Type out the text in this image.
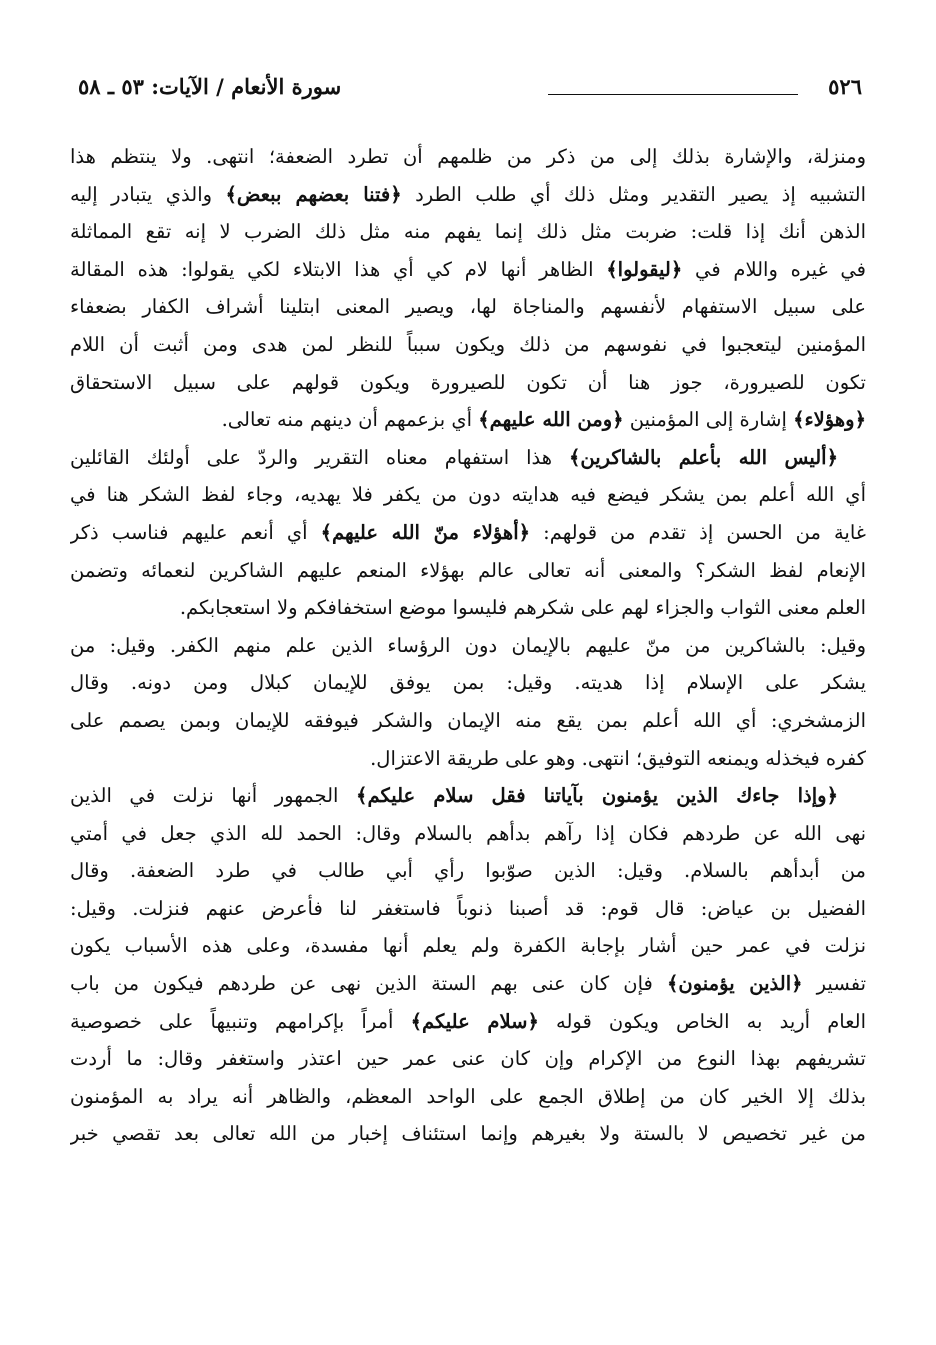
٥٢٦
سورة الأنعام / الآيات: ٥٣ ـ ٥٨
ومنزلة، والإشارة بذلك إلى من ذكر من ظلمهم أن تطرد الضعفة؛ انتهى. ولا ينتظم هذا
التشبيه إذ يصير التقدير ومثل ذلك أي طلب الطرد ﴿فتنا بعضهم ببعض﴾ والذي يتبادر إليه
الذهن أنك إذا قلت: ضربت مثل ذلك إنما يفهم منه مثل ذلك الضرب لا إنه تقع المماثلة
في غيره واللام في ﴿ليقولوا﴾ الظاهر أنها لام كي أي هذا الابتلاء لكي يقولوا: هذه المقالة
على سبيل الاستفهام لأنفسهم والمناجاة لها، ويصير المعنى ابتلينا أشراف الكفار بضعفاء
المؤمنين ليتعجبوا في نفوسهم من ذلك ويكون سبباً للنظر لمن هدى ومن أثبت أن اللام
تكون للصيرورة، جوز هنا أن تكون للصيرورة ويكون قولهم على سبيل الاستحقاق
﴿وهؤلاء﴾ إشارة إلى المؤمنين ﴿ومن الله عليهم﴾ أي بزعمهم أن دينهم منه تعالى.
﴿أليس الله بأعلم بالشاكرين﴾ هذا استفهام معناه التقرير والردّ على أولئك القائلين
أي الله أعلم بمن يشكر فيضع فيه هدايته دون من يكفر فلا يهديه، وجاء لفظ الشكر هنا في
غاية من الحسن إذ تقدم من قولهم: ﴿أهؤلاء منّ الله عليهم﴾ أي أنعم عليهم فناسب ذكر
الإنعام لفظ الشكر؟ والمعنى أنه تعالى عالم بهؤلاء المنعم عليهم الشاكرين لنعمائه وتضمن
العلم معنى الثواب والجزاء لهم على شكرهم فليسوا موضع استخفافكم ولا استعجابكم.
وقيل: بالشاكرين من منّ عليهم بالإيمان دون الرؤساء الذين علم منهم الكفر. وقيل: من
يشكر على الإسلام إذا هديته. وقيل: بمن يوفق للإيمان كبلال ومن دونه. وقال
الزمشخري: أي الله أعلم بمن يقع منه الإيمان والشكر فيوفقه للإيمان وبمن يصمم على
كفره فيخذله ويمنعه التوفيق؛ انتهى. وهو على طريقة الاعتزال.
﴿وإذا جاءك الذين يؤمنون بآياتنا فقل سلام عليكم﴾ الجمهور أنها نزلت في الذين
نهى الله عن طردهم فكان إذا رآهم بدأهم بالسلام وقال: الحمد لله الذي جعل في أمتي
من أبدأهم بالسلام. وقيل: الذين صوّبوا رأي أبي طالب في طرد الضعفة. وقال
الفضيل بن عياض: قال قوم: قد أصبنا ذنوباً فاستغفر لنا فأعرض عنهم فنزلت. وقيل:
نزلت في عمر حين أشار بإجابة الكفرة ولم يعلم أنها مفسدة، وعلى هذه الأسباب يكون
تفسير ﴿الذين يؤمنون﴾ فإن كان عنى بهم الستة الذين نهى عن طردهم فيكون من باب
العام أريد به الخاص ويكون قوله ﴿سلام عليكم﴾ أمراً بإكرامهم وتنبيهاً على خصوصية
تشريفهم بهذا النوع من الإكرام وإن كان عنى عمر حين اعتذر واستغفر وقال: ما أردت
بذلك إلا الخير كان من إطلاق الجمع على الواحد المعظم، والظاهر أنه يراد به المؤمنون
من غير تخصيص لا بالستة ولا بغيرهم وإنما استئناف إخبار من الله تعالى بعد تقصي خبر
